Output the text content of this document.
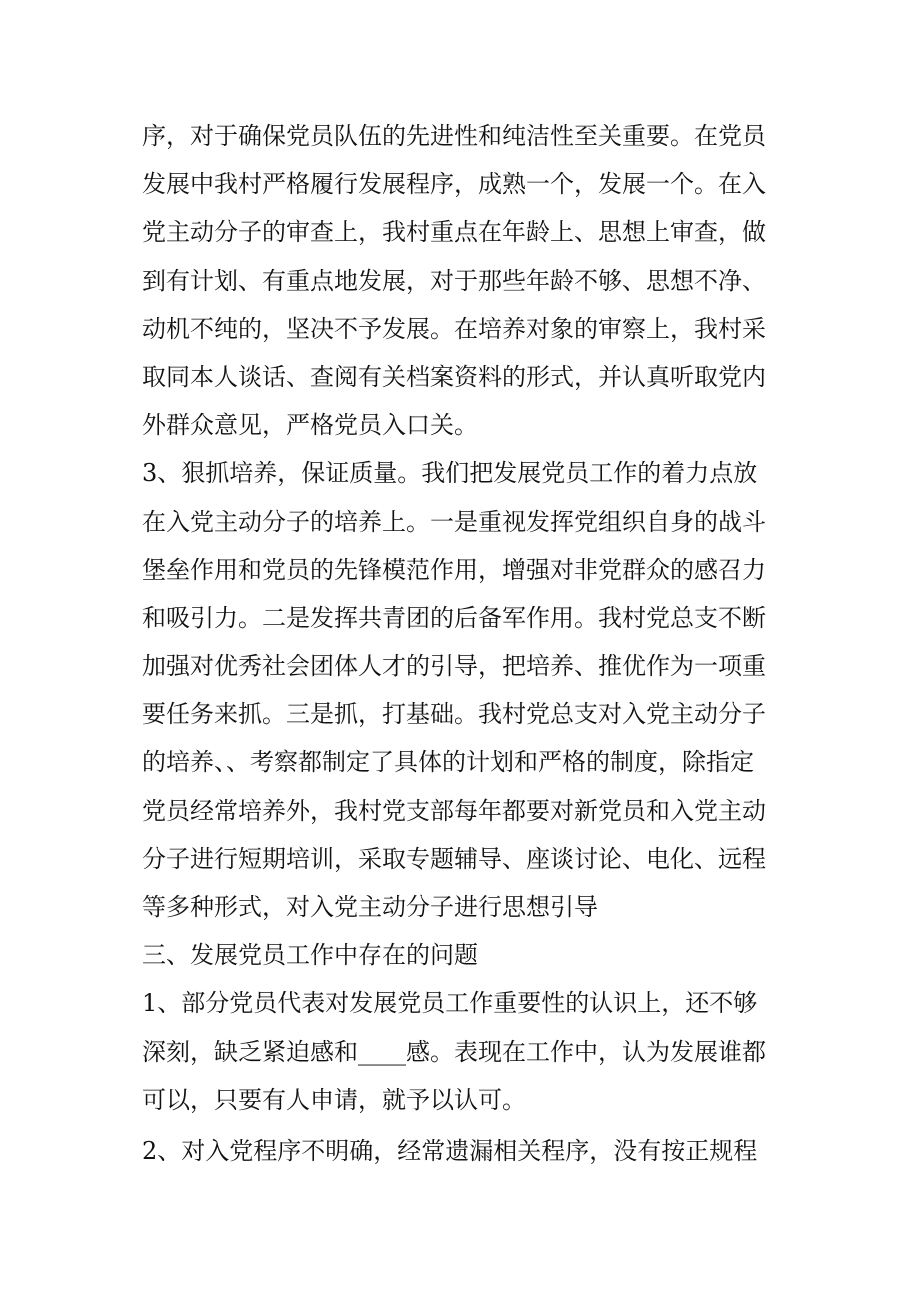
序，对于确保党员队伍的先进性和纯洁性至关重要。在党员
发展中我村严格履行发展程序，成熟一个，发展一个。在入
党主动分子的审查上，我村重点在年龄上、思想上审查，做
到有计划、有重点地发展，对于那些年龄不够、思想不净、
动机不纯的，坚决不予发展。在培养对象的审察上，我村采
取同本人谈话、查阅有关档案资料的形式，并认真听取党内
外群众意见，严格党员入口关。
3、狠抓培养，保证质量。我们把发展党员工作的着力点放
在入党主动分子的培养上。一是重视发挥党组织自身的战斗
堡垒作用和党员的先锋模范作用，增强对非党群众的感召力
和吸引力。二是发挥共青团的后备军作用。我村党总支不断
加强对优秀社会团体人才的引导，把培养、推优作为一项重
要任务来抓。三是抓，打基础。我村党总支对入党主动分子
的培养、、考察都制定了具体的计划和严格的制度，除指定
党员经常培养外，我村党支部每年都要对新党员和入党主动
分子进行短期培训，采取专题辅导、座谈讨论、电化、远程
等多种形式，对入党主动分子进行思想引导
三、发展党员工作中存在的问题
1、部分党员代表对发展党员工作重要性的认识上，还不够
深刻，缺乏紧迫感和____感。表现在工作中，认为发展谁都
可以，只要有人申请，就予以认可。
2、对入党程序不明确，经常遗漏相关程序，没有按正规程
